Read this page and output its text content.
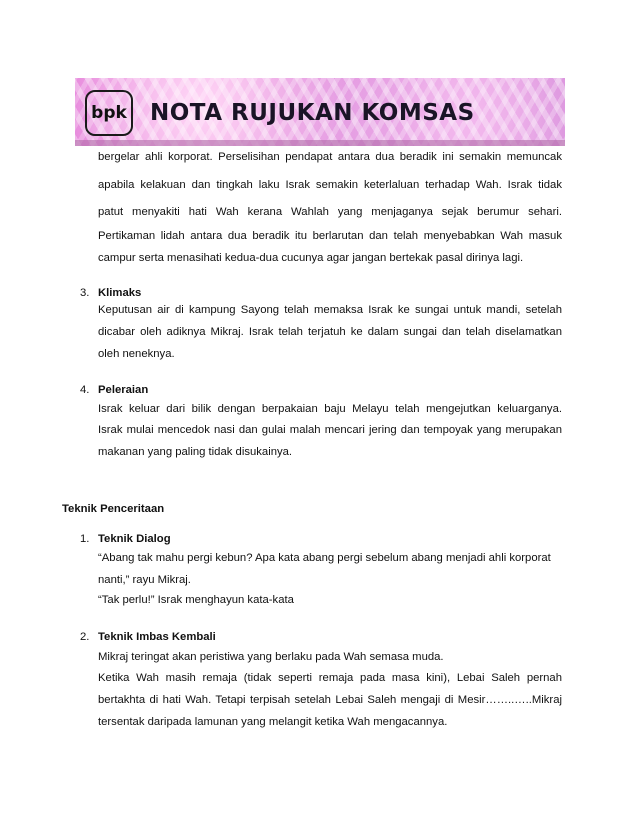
bpk NOTA RUJUKAN KOMSAS
bergelar ahli korporat. Perselisihan pendapat antara dua beradik ini semakin memuncak
apabila kelakuan dan tingkah laku Israk semakin keterlaluan terhadap Wah. Israk tidak
patut menyakiti hati Wah kerana Wahlah yang menjaganya sejak berumur sehari.
Pertikaman lidah antara dua beradik itu berlarutan dan telah menyebabkan Wah masuk
campur serta menasihati kedua-dua cucunya agar jangan bertekak pasal dirinya lagi.
3. Klimaks
Keputusan air di kampung Sayong telah memaksa Israk ke sungai untuk mandi, setelah
dicabar oleh adiknya Mikraj. Israk telah terjatuh ke dalam sungai dan telah diselamatkan
oleh neneknya.
4. Peleraian
Israk keluar dari bilik dengan berpakaian baju Melayu telah mengejutkan keluarganya.
Israk mulai mencedok nasi dan gulai malah mencari jering dan tempoyak yang merupakan
makanan yang paling tidak disukainya.
Teknik Penceritaan
1. Teknik Dialog
“Abang tak mahu pergi kebun? Apa kata abang pergi sebelum abang menjadi ahli korporat
nanti,” rayu Mikraj.
“Tak perlu!” Israk menghayun kata-kata
2. Teknik Imbas Kembali
Mikraj teringat akan peristiwa yang berlaku pada Wah semasa muda.
Ketika Wah masih remaja (tidak seperti remaja pada masa kini), Lebai Saleh pernah
bertakhta di hati Wah. Tetapi terpisah setelah Lebai Saleh mengaji di Mesir……..…..Mikraj
tersentak daripada lamunan yang melangit ketika Wah mengacannya.
